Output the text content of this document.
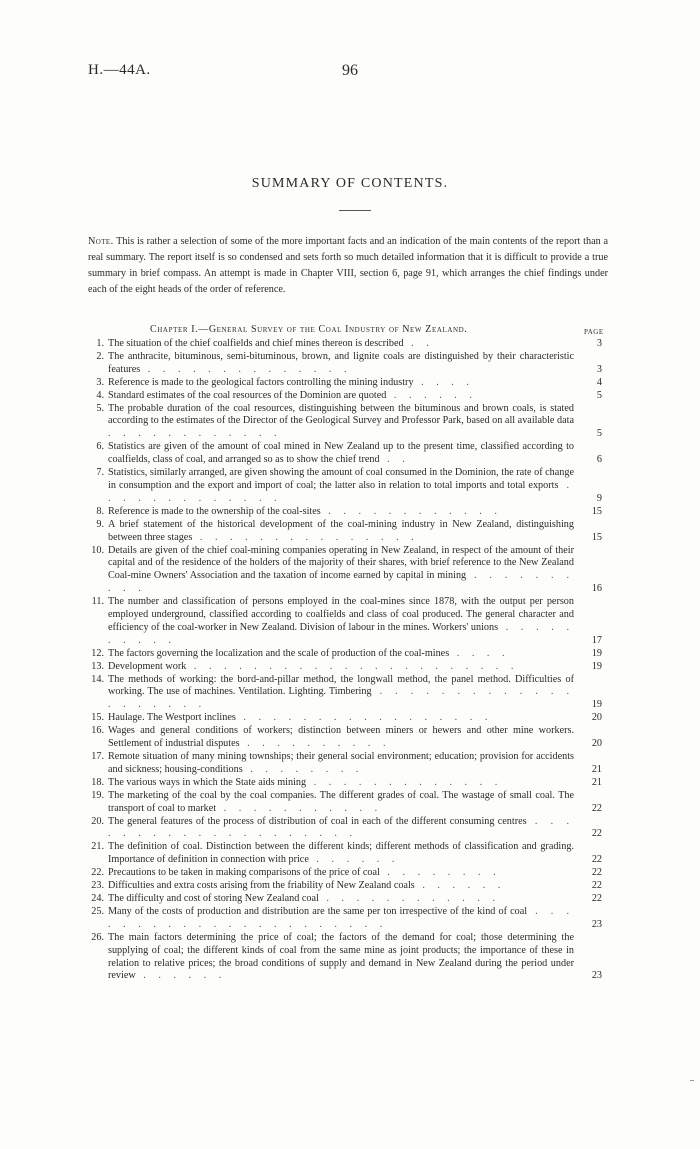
H.—44A.	96
SUMMARY OF CONTENTS.

Note. This is rather a selection of some of the more important facts and an indication of the main contents of the report than a real summary. The report itself is so condensed and sets forth so much detailed information that it is difficult to provide a true summary in brief compass. An attempt is made in Chapter VIII, section 6, page 91, which arranges the chief findings under each of the eight heads of the order of reference.

Chapter I.—General Survey of the Coal Industry of New Zealand.	PAGE
1. The situation of the chief coalfields and chief mines thereon is described . .	3
2. The anthracite, bituminous, semi-bituminous, brown, and lignite coals are distinguished by their characteristic features . . . . . . . . . . . . . .	3
3. Reference is made to the geological factors controlling the mining industry . . . .	4
4. Standard estimates of the coal resources of the Dominion are quoted . . . . . .	5
5. The probable duration of the coal resources, distinguishing between the bituminous and brown coals, is stated according to the estimates of the Director of the Geological Survey and Professor Park, based on all available data . . . . . . . . . . . .	5
6. Statistics are given of the amount of coal mined in New Zealand up to the present time, classified according to coalfields, class of coal, and arranged so as to show the chief trend . .	6
7. Statistics, similarly arranged, are given showing the amount of coal consumed in the Dominion, the rate of change in consumption and the export and import of coal; the latter also in relation to total imports and total exports . . . . . . . . . . . . .	9
8. Reference is made to the ownership of the coal-sites . . . . . . . . . . . .	15
9. A brief statement of the historical development of the coal-mining industry in New Zealand, distinguishing between three stages . . . . . . . . . . . . . . .	15
10. Details are given of the chief coal-mining companies operating in New Zealand, in respect of the amount of their capital and of the residence of the holders of the majority of their shares, with brief reference to the New Zealand Coal-mine Owners' Association and the taxation of income earned by capital in mining . . . . . . . . . .	16
11. The number and classification of persons employed in the coal-mines since 1878, with the output per person employed underground, classified according to coalfields and class of coal produced. The general character and efficiency of the coal-worker in New Zealand. Division of labour in the mines. Workers' unions . . . . . . . . . .	17
12. The factors governing the localization and the scale of production of the coal-mines . . . .	19
13. Development work . . . . . . . . . . . . . . . . . . . . . .	19
14. The methods of working: the bord-and-pillar method, the longwall method, the panel method. Difficulties of working. The use of machines. Ventilation. Lighting. Timbering . . . . . . . . . . . . . . . . . . . .	19
15. Haulage. The Westport inclines . . . . . . . . . . . . . . . . .	20
16. Wages and general conditions of workers; distinction between miners or hewers and other mine workers. Settlement of industrial disputes . . . . . . . . . .	20
17. Remote situation of many mining townships; their general social environment; education; provision for accidents and sickness; housing-conditions . . . . . . . .	21
18. The various ways in which the State aids mining . . . . . . . . . . . . .	21
19. The marketing of the coal by the coal companies. The different grades of coal. The wastage of small coal. The transport of coal to market . . . . . . . . . . .	22
20. The general features of the process of distribution of coal in each of the different consuming centres . . . . . . . . . . . . . . . . . . . .	22
21. The definition of coal. Distinction between the different kinds; different methods of classification and grading. Importance of definition in connection with price . . . . . .	22
22. Precautions to be taken in making comparisons of the price of coal . . . . . . . .	22
23. Difficulties and extra costs arising from the friability of New Zealand coals . . . . . .	22
24. The difficulty and cost of storing New Zealand coal . . . . . . . . . . . .	22
25. Many of the costs of production and distribution are the same per ton irrespective of the kind of coal . . . . . . . . . . . . . . . . . . . . . .	23
26. The main factors determining the price of coal; the factors of the demand for coal; those determining the supplying of coal; the different kinds of coal from the same mine as joint products; the importance of these in relation to relative prices; the broad conditions of supply and demand in New Zealand during the period under review . . . . . .	23
